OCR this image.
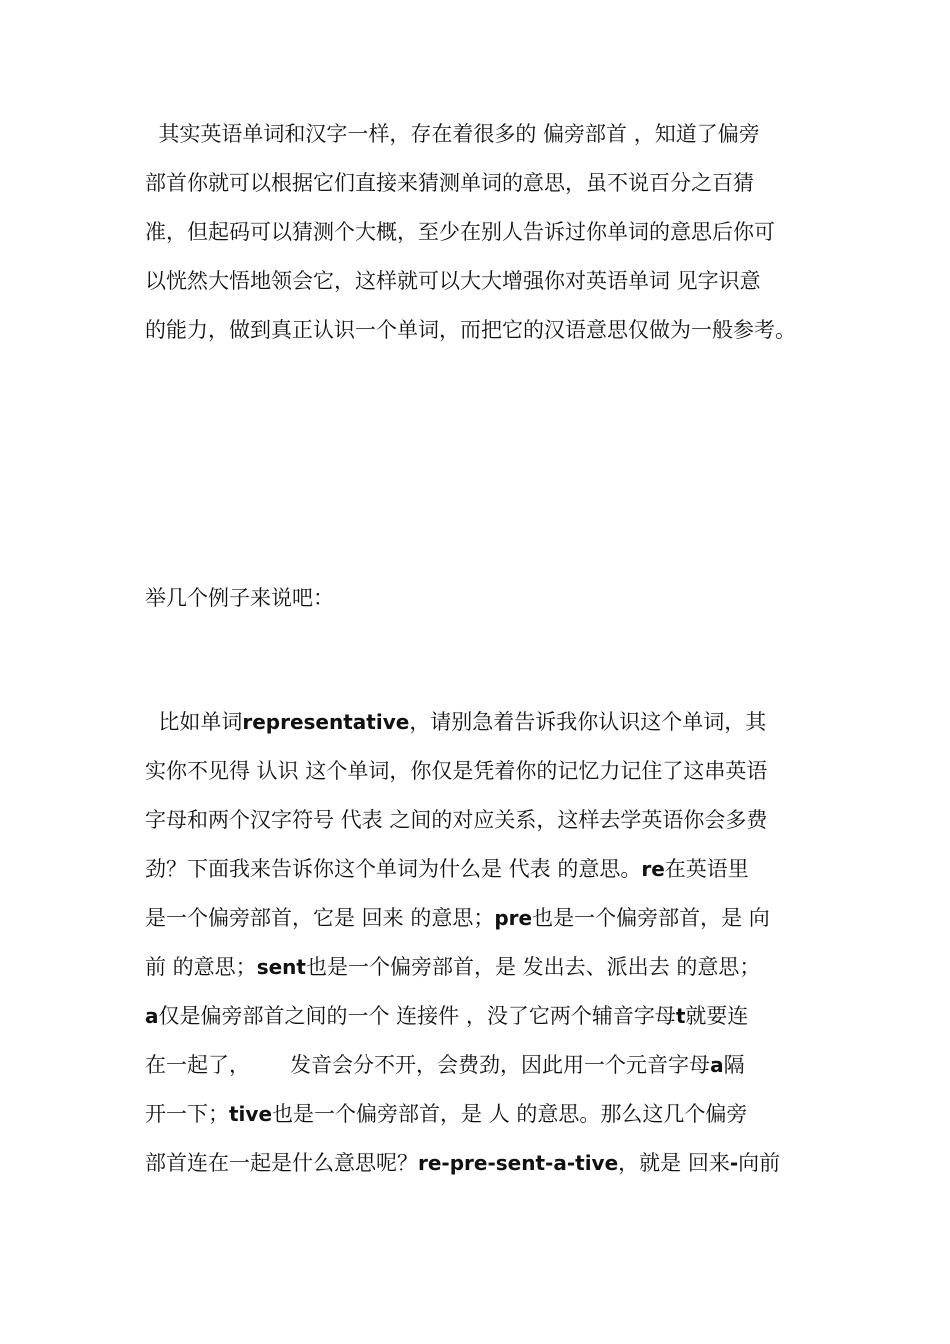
其实英语单词和汉字一样，存在着很多的 偏旁部首 ，知道了偏旁
部首你就可以根据它们直接来猜测单词的意思，虽不说百分之百猜
准，但起码可以猜测个大概，至少在别人告诉过你单词的意思后你可
以恍然大悟地领会它，这样就可以大大增强你对英语单词 见字识意
的能力，做到真正认识一个单词，而把它的汉语意思仅做为一般参考。
举几个例子来说吧：
比如单词representative，请别急着告诉我你认识这个单词，其
实你不见得 认识 这个单词，你仅是凭着你的记忆力记住了这串英语
字母和两个汉字符号 代表 之间的对应关系，这样去学英语你会多费
劲？下面我来告诉你这个单词为什么是 代表 的意思。re在英语里
是一个偏旁部首，它是 回来 的意思；pre也是一个偏旁部首，是 向
前 的意思；sent也是一个偏旁部首，是 发出去、派出去 的意思；
a仅是偏旁部首之间的一个 连接件 ，没了它两个辅音字母t就要连
在一起了，      发音会分不开，会费劲，因此用一个元音字母a隔
开一下；tive也是一个偏旁部首，是 人 的意思。那么这几个偏旁
部首连在一起是什么意思呢？re-pre-sent-a-tive，就是 回来-向前
